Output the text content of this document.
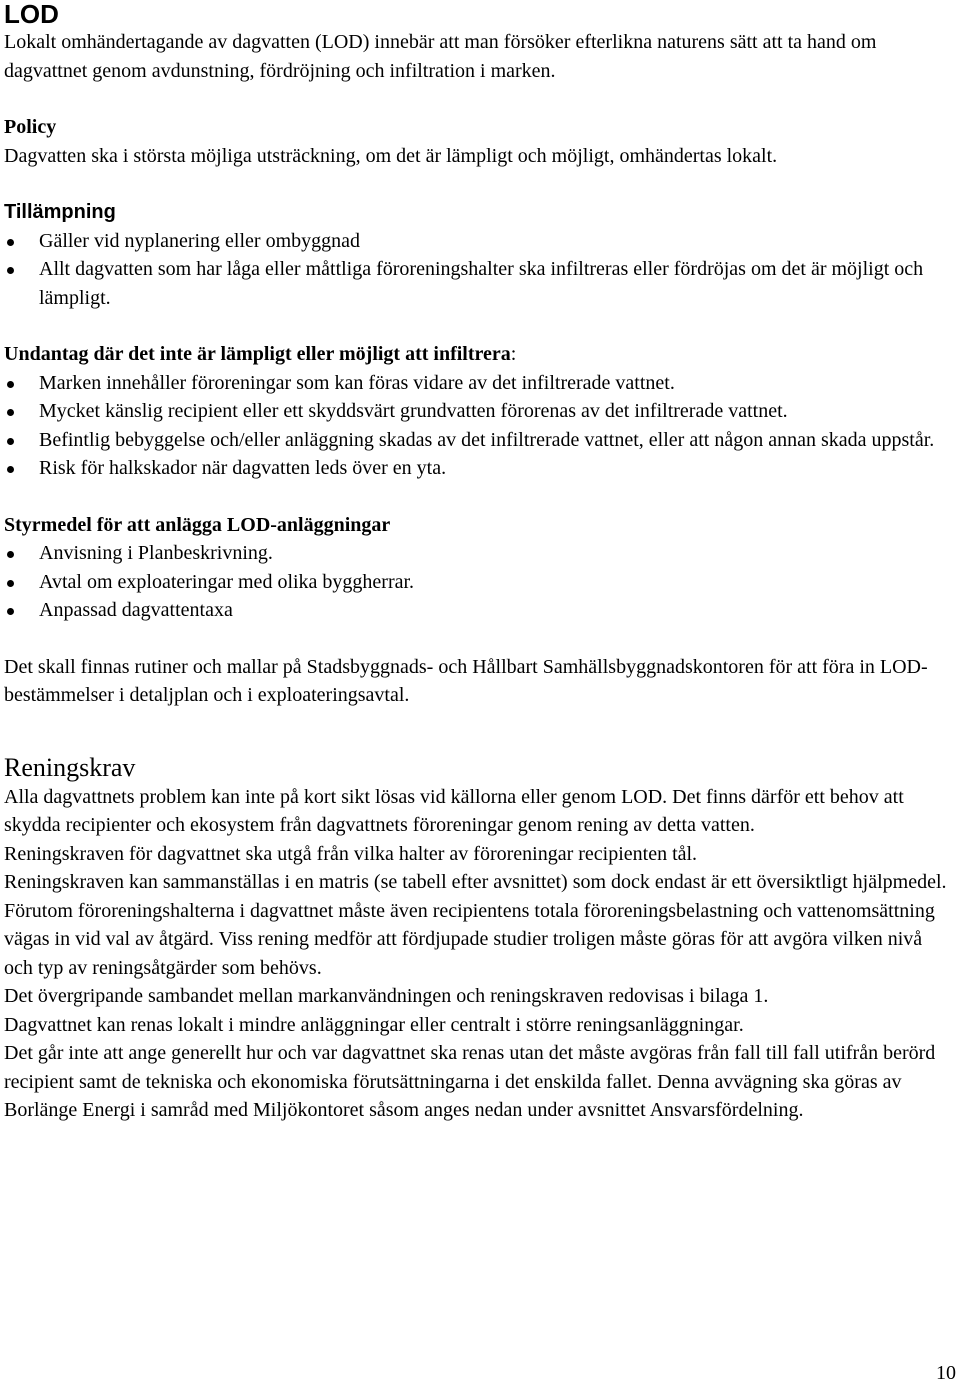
LOD

Lokalt omhändertagande av dagvatten (LOD) innebär att man försöker efterlikna naturens sätt att ta hand om dagvattnet genom avdunstning, fördröjning och infiltration i marken.

Policy

Dagvatten ska i största möjliga utsträckning, om det är lämpligt och möjligt, omhändertas lokalt.

Tillämpning

Gäller vid nyplanering eller ombyggnad
Allt dagvatten som har låga eller måttliga föroreningshalter ska infiltreras eller fördröjas om det är möjligt och lämpligt.

Undantag där det inte är lämpligt eller möjligt att infiltrera:

Marken innehåller föroreningar som kan föras vidare av det infiltrerade vattnet.
Mycket känslig recipient eller ett skyddsvärt grundvatten förorenas av det infiltrerade vattnet.
Befintlig bebyggelse och/eller anläggning skadas av det infiltrerade vattnet, eller att någon annan skada uppstår.
Risk för halkskador när dagvatten leds över en yta.

Styrmedel för att anlägga LOD-anläggningar

Anvisning i Planbeskrivning.
Avtal om exploateringar med olika byggherrar.
Anpassad dagvattentaxa

Det skall finnas rutiner och mallar på Stadsbyggnads- och Hållbart Samhällsbyggnadskontoren för att föra in LOD-bestämmelser i detaljplan och i exploateringsavtal.

Reningskrav

Alla dagvattnets problem kan inte på kort sikt lösas vid källorna eller genom LOD. Det finns därför ett behov att skydda recipienter och ekosystem från dagvattnets föroreningar genom rening av detta vatten.

Reningskraven för dagvattnet ska utgå från vilka halter av föroreningar recipienten tål.

Reningskraven kan sammanställas i en matris (se tabell efter avsnittet) som dock endast är ett översiktligt hjälpmedel. Förutom föroreningshalterna i dagvattnet måste även recipientens totala föroreningsbelastning och vattenomsättning vägas in vid val av åtgärd. Viss rening medför att fördjupade studier troligen måste göras för att avgöra vilken nivå och typ av reningsåtgärder som behövs.

Det övergripande sambandet mellan markanvändningen och reningskraven redovisas i bilaga 1.

Dagvattnet kan renas lokalt i mindre anläggningar eller centralt i större reningsanläggningar.

Det går inte att ange generellt hur och var dagvattnet ska renas utan det måste avgöras från fall till fall utifrån berörd recipient samt de tekniska och ekonomiska förutsättningarna i det enskilda fallet. Denna avvägning ska göras av Borlänge Energi i samråd med Miljökontoret såsom anges nedan under avsnittet Ansvarsfördelning.

10
